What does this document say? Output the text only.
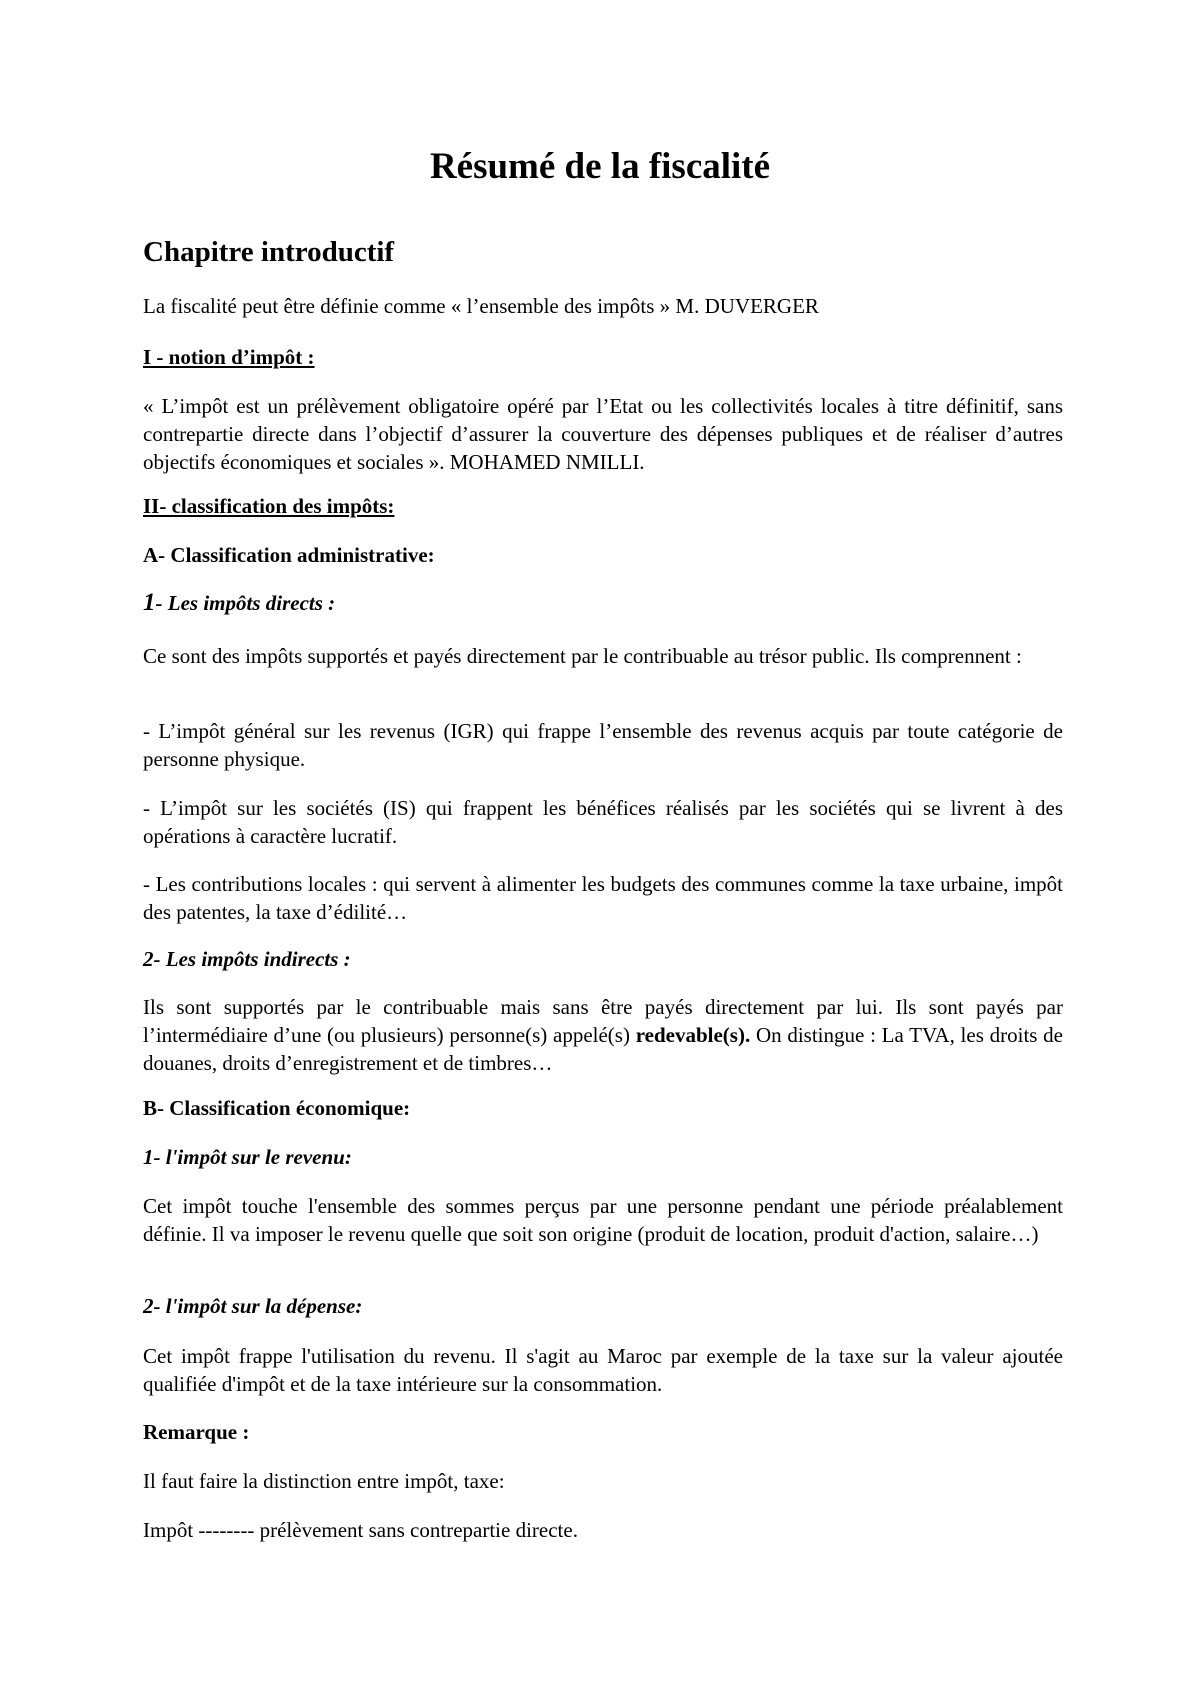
Résumé de la fiscalité
Chapitre introductif

La fiscalité peut être définie comme « l’ensemble des impôts » M. DUVERGER

I - notion d’impôt :

« L’impôt est un prélèvement obligatoire opéré par l’Etat ou les collectivités locales à titre définitif, sans contrepartie directe dans l’objectif d’assurer la couverture des dépenses publiques et de réaliser d’autres objectifs économiques et sociales ». MOHAMED NMILLI.

II- classification des impôts:

A- Classification administrative:

1- Les impôts directs :

Ce sont des impôts supportés et payés directement par le contribuable au trésor public. Ils comprennent :

- L’impôt général sur les revenus (IGR) qui frappe l’ensemble des revenus acquis par toute catégorie de personne physique.

- L’impôt sur les sociétés (IS) qui frappent les bénéfices réalisés par les sociétés qui se livrent à des opérations à caractère lucratif.

- Les contributions locales : qui servent à alimenter les budgets des communes comme la taxe urbaine, impôt des patentes, la taxe d’édilité…

2- Les impôts indirects :

Ils sont supportés par le contribuable mais sans être payés directement par lui. Ils sont payés par l’intermédiaire d’une (ou plusieurs) personne(s) appelé(s) redevable(s). On distingue : La TVA, les droits de douanes, droits d’enregistrement et de timbres…

B- Classification économique:

1- l'impôt sur le revenu:

Cet impôt touche l'ensemble des sommes perçus par une personne pendant une période préalablement définie. Il va imposer le revenu quelle que soit son origine (produit de location, produit d'action, salaire…)

2- l'impôt sur la dépense:

Cet impôt frappe l'utilisation du revenu. Il s'agit au Maroc par exemple de la taxe sur la valeur ajoutée qualifiée d'impôt et de la taxe intérieure sur la consommation.

Remarque :

Il faut faire la distinction entre impôt, taxe:

Impôt -------- prélèvement sans contrepartie directe.
